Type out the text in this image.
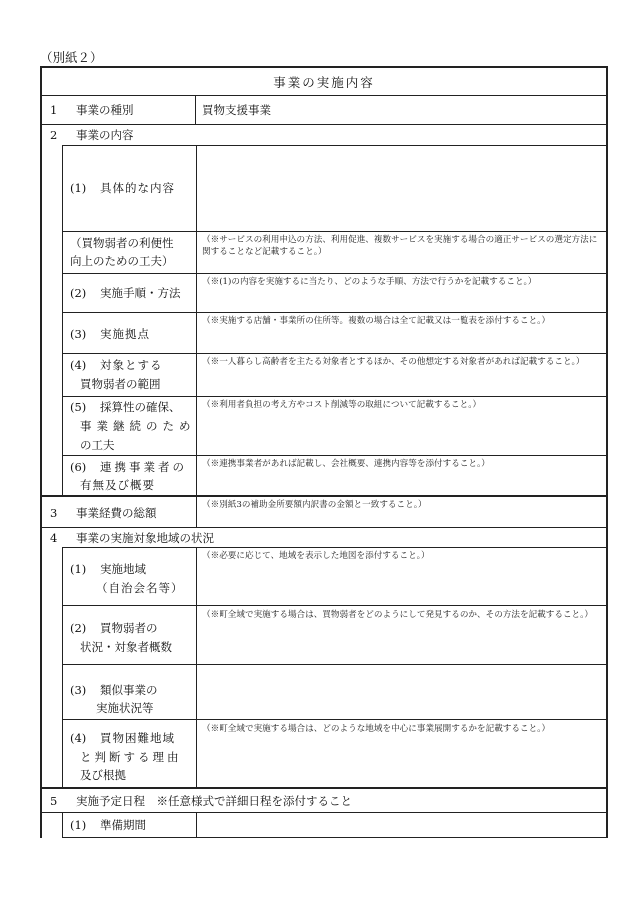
（別紙２）
事業の実施内容
1 事業の種別	買物支援事業
2 事業の内容
(1) 具体的な内容
（買物弱者の利便性
向上のための工夫）
（※サービスの利用申込の方法、利用促進、複数サービスを実施する場合の適正サービスの選定方法に関することなど記載すること。）
(2) 実施手順・方法
（※(1)の内容を実施するに当たり、どのような手順、方法で行うかを記載すること。）
(3) 実施拠点
（※実施する店舗・事業所の住所等。複数の場合は全て記載又は一覧表を添付すること。）
(4) 対象とする
買物弱者の範囲
（※一人暮らし高齢者を主たる対象者とするほか、その他想定する対象者があれば記載すること。）
(5) 採算性の確保、
事業継続のため
の工夫
（※利用者負担の考え方やコスト削減等の取組について記載すること。）
(6) 連携事業者の
有無及び概要
（※連携事業者があれば記載し、会社概要、連携内容等を添付すること。）
3 事業経費の総額
（※別紙3の補助金所要額内訳書の金額と一致すること。）
4 事業の実施対象地域の状況
(1) 実施地域
（自治会名等）
（※必要に応じて、地域を表示した地図を添付すること。）
(2) 買物弱者の
状況・対象者概数
（※町全域で実施する場合は、買物弱者をどのようにして発見するのか、その方法を記載すること。）
(3) 類似事業の
実施状況等
(4) 買物困難地域
と判断する理由
及び根拠
（※町全域で実施する場合は、どのような地域を中心に事業展開するかを記載すること。）
5 実施予定日程　※任意様式で詳細日程を添付すること
(1) 準備期間
